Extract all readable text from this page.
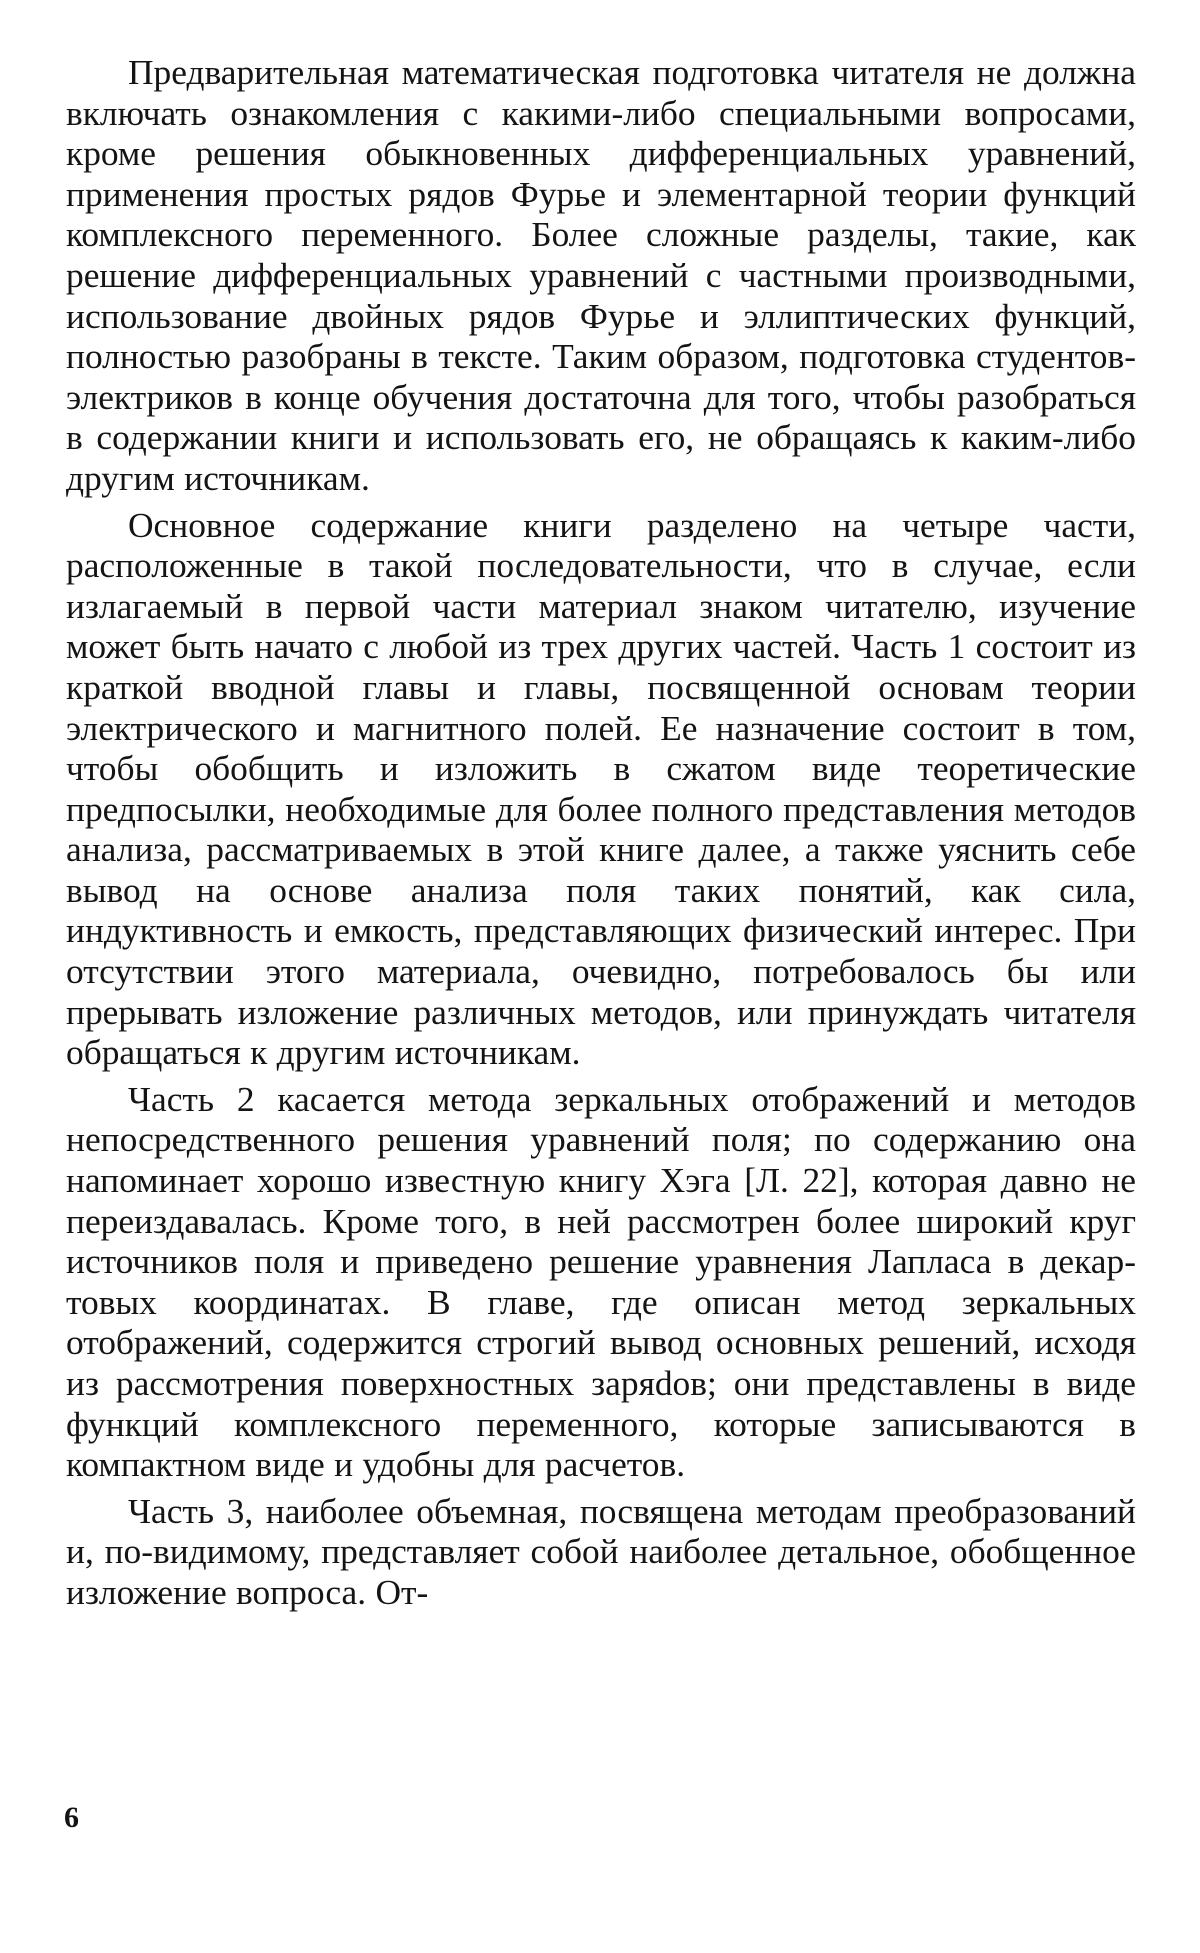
Предварительная математическая подготовка читателя не должна включать ознакомления с какими-либо специальными вопросами, кроме решения обыкновенных дифференциальных уравнений, применения простых рядов Фурье и элементарной теории функций комплексного переменного. Более сложные разделы, такие, как решение дифференциальных уравнений с частными производными, использование двойных рядов Фурье и эллиптических функций, полностью разобраны в тексте. Таким образом, подготовка студентов-электриков в конце обучения достаточна для того, чтобы разобраться в содержании книги и использовать его, не обращаясь к каким-либо другим источникам.

Основное содержание книги разделено на четыре части, расположенные в такой последовательности, что в случае, если излагаемый в первой части материал знаком читателю, изучение может быть начато с любой из трех других частей. Часть 1 состоит из краткой вводной главы и главы, посвященной основам теории электрического и магнитного полей. Ее назначение состоит в том, чтобы обобщить и изложить в сжатом виде теоретические предпосылки, необходимые для более полного представления методов анализа, рассматриваемых в этой книге далее, а также уяснить себе вывод на основе анализа поля таких понятий, как сила, индуктивность и емкость, представляющих физический интерес. При отсутствии этого материала, очевидно, потребовалось бы или прерывать изложение различных методов, или принуждать читателя обращаться к другим источникам.

Часть 2 касается метода зеркальных отображений и методов непосредственного решения уравнений поля; по содержанию она напоминает хорошо известную книгу Хэга [Л. 22], которая давно не переиздавалась. Кроме того, в ней рассмотрен более широкий круг источников поля и приведено решение уравнения Лапласа в декартовых координатах. В главе, где описан метод зеркальных отображений, содержится строгий вывод основных решений, исходя из рассмотрения поверхностных заряdов; они представлены в виде функций комплексного переменного, которые записываются в компактном виде и удобны для расчетов.

Часть 3, наиболее объемная, посвящена методам преобразований и, по-видимому, представляет собой наиболее детальное, обобщенное изложение вопроса. От-

6
